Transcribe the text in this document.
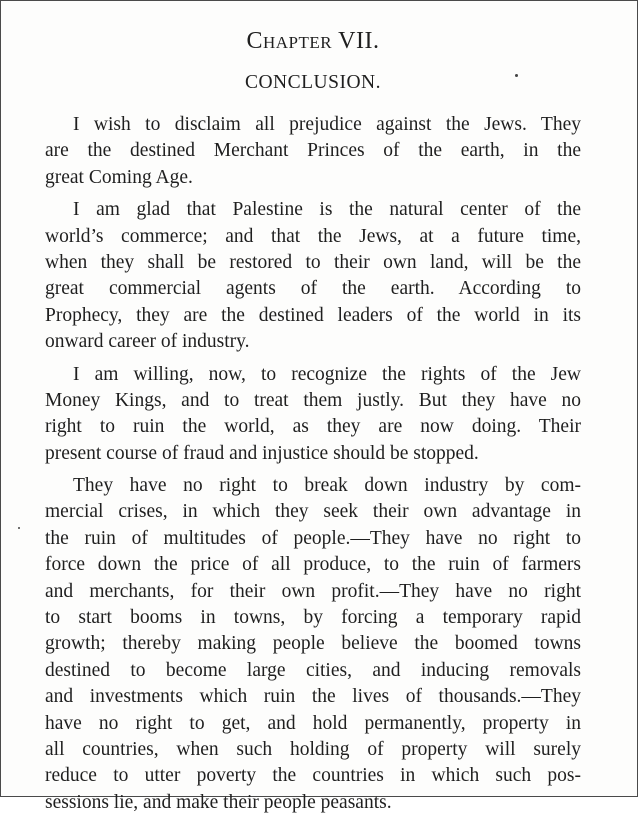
Chapter VII.
CONCLUSION.
I wish to disclaim all prejudice against the Jews. They
are the destined Merchant Princes of the earth, in the
great Coming Age.
I am glad that Palestine is the natural center of the
world’s commerce; and that the Jews, at a future time,
when they shall be restored to their own land, will be the
great commercial agents of the earth. According to
Prophecy, they are the destined leaders of the world in its
onward career of industry.
I am willing, now, to recognize the rights of the Jew
Money Kings, and to treat them justly. But they have no
right to ruin the world, as they are now doing. Their
present course of fraud and injustice should be stopped.
They have no right to break down industry by com-
mercial crises, in which they seek their own advantage in
the ruin of multitudes of people.—They have no right to
force down the price of all produce, to the ruin of farmers
and merchants, for their own profit.—They have no right
to start booms in towns, by forcing a temporary rapid
growth; thereby making people believe the boomed towns
destined to become large cities, and inducing removals
and investments which ruin the lives of thousands.—They
have no right to get, and hold permanently, property in
all countries, when such holding of property will surely
reduce to utter poverty the countries in which such pos-
sessions lie, and make their people peasants.
